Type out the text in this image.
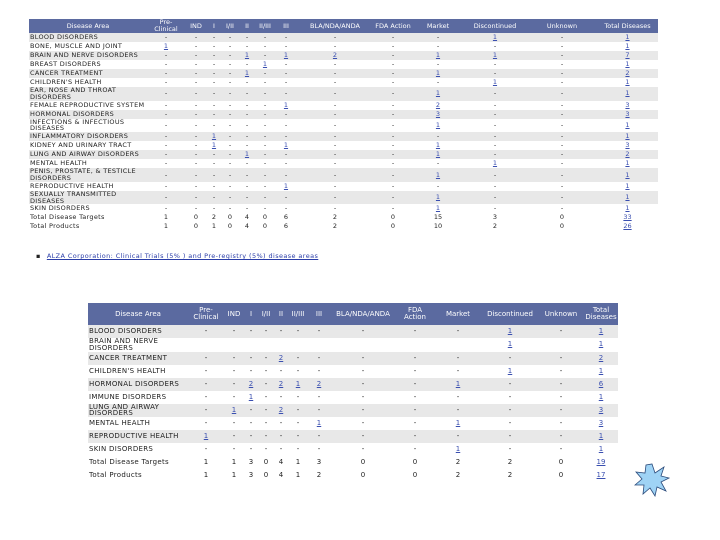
Disease Area	Pre-Clinical	IND	I	I/II	II	II/III	III	BLA/NDA/ANDA	FDA Action	Market	Discontinued	Unknown	Total Diseases
BLOOD DISORDERS	-	-	-	-	-	-	-	-	-	-	1	-	1
BONE, MUSCLE AND JOINT	1	-	-	-	-	-	-	-	-	-	-	-	1
BRAIN AND NERVE DISORDERS	-	-	-	-	1	-	1	2	-	1	1	-	7
BREAST DISORDERS	-	-	-	-	-	1	-	-	-	-	-	-	1
CANCER TREATMENT	-	-	-	-	1	-	-	-	-	1	-	-	2
CHILDREN'S HEALTH	-	-	-	-	-	-	-	-	-	-	1	-	1
EAR, NOSE AND THROAT DISORDERS	-	-	-	-	-	-	-	-	-	1	-	-	1
FEMALE REPRODUCTIVE SYSTEM	-	-	-	-	-	-	1	-	-	2	-	-	3
HORMONAL DISORDERS	-	-	-	-	-	-	-	-	-	3	-	-	3
INFECTIONS & INFECTIOUS DISEASES	-	-	-	-	-	-	-	-	-	1	-	-	1
INFLAMMATORY DISORDERS	-	-	1	-	-	-	-	-	-	-	-	-	1
KIDNEY AND URINARY TRACT	-	-	1	-	-	-	1	-	-	1	-	-	3
LUNG AND AIRWAY DISORDERS	-	-	-	-	1	-	-	-	-	1	-	-	2
MENTAL HEALTH	-	-	-	-	-	-	-	-	-	-	1	-	1
PENIS, PROSTATE, & TESTICLE DISORDERS	-	-	-	-	-	-	-	-	-	1	-	-	1
REPRODUCTIVE HEALTH	-	-	-	-	-	-	1	-	-	-	-	-	1
SEXUALLY TRANSMITTED DISEASES	-	-	-	-	-	-	-	-	-	1	-	-	1
SKIN DISORDERS	-	-	-	-	-	-	-	-	-	1	-	-	1
Total Disease Targets	1	0	2	0	4	0	6	2	0	15	3	0	33
Total Products	1	0	1	0	4	0	6	2	0	10	2	0	26
▪ ALZA Corporation: Clinical Trials (5% ) and Pre-registry (5%) disease areas
Disease Area	Pre-Clinical	IND	I	I/II	II	II/III	III	BLA/NDA/ANDA	FDA Action	Market	Discontinued	Unknown	Total Diseases
BLOOD DISORDERS	-	-	-	-	-	-	-	-	-	-	1	-	1
BRAIN AND NERVE DISORDERS											1		1
CANCER TREATMENT	-	-	-	-	2	-	-	-	-	-	-	-	2
CHILDREN'S HEALTH	-	-	-	-	-	-	-	-	-	-	1	-	1
HORMONAL DISORDERS	-	-	2	-	2	1	2	-	-	1	-	-	6
IMMUNE DISORDERS	-	-	1	-	-	-	-	-	-	-	-	-	1
LUNG AND AIRWAY DISORDERS	-	1	-	-	2	-	-	-	-	-	-	-	3
MENTAL HEALTH	-	-	-	-	-	-	1	-	-	1	-	-	3
REPRODUCTIVE HEALTH	1	-	-	-	-	-	-	-	-	-	-	-	1
SKIN DISORDERS	-	-	-	-	-	-	-	-	-	1	-	-	1
Total Disease Targets	1	1	3	0	4	1	3	0	0	2	2	0	19
Total Products	1	1	3	0	4	1	2	0	0	2	2	0	17
